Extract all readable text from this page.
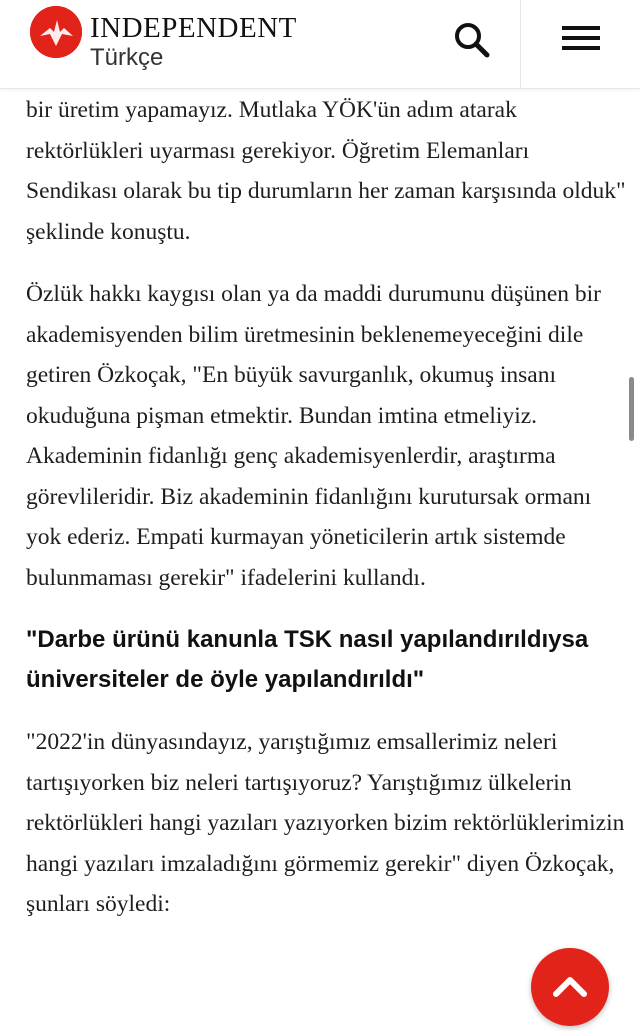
INDEPENDENT
Türkçe

bir üretim yapamayız. Mutlaka YÖK'ün adım atarak rektörlükleri uyarması gerekiyor. Öğretim Elemanları Sendikası olarak bu tip durumların her zaman karşısında olduk" şeklinde konuştu.

Özlük hakkı kaygısı olan ya da maddi durumunu düşünen bir akademisyenden bilim üretmesinin beklenemeyeceğini dile getiren Özkoçak, "En büyük savurganlık, okumuş insanı okuduğuna pişman etmektir. Bundan imtina etmeliyiz. Akademinin fidanlığı genç akademisyenlerdir, araştırma görevlileridir. Biz akademinin fidanlığını kurutursak ormanı yok ederiz. Empati kurmayan yöneticilerin artık sistemde bulunmaması gerekir" ifadelerini kullandı.

"Darbe ürünü kanunla TSK nasıl yapılandırıldıysa üniversiteler de öyle yapılandırıldı"

"2022'in dünyasındayız, yarıştığımız emsallerimiz neleri tartışıyorken biz neleri tartışıyoruz? Yarıştığımız ülkelerin rektörlükleri hangi yazıları yazıyorken bizim rektörlüklerimizin hangi yazıları imzaladığını görmemiz gerekir" diyen Özkoçak, şunları söyledi:
